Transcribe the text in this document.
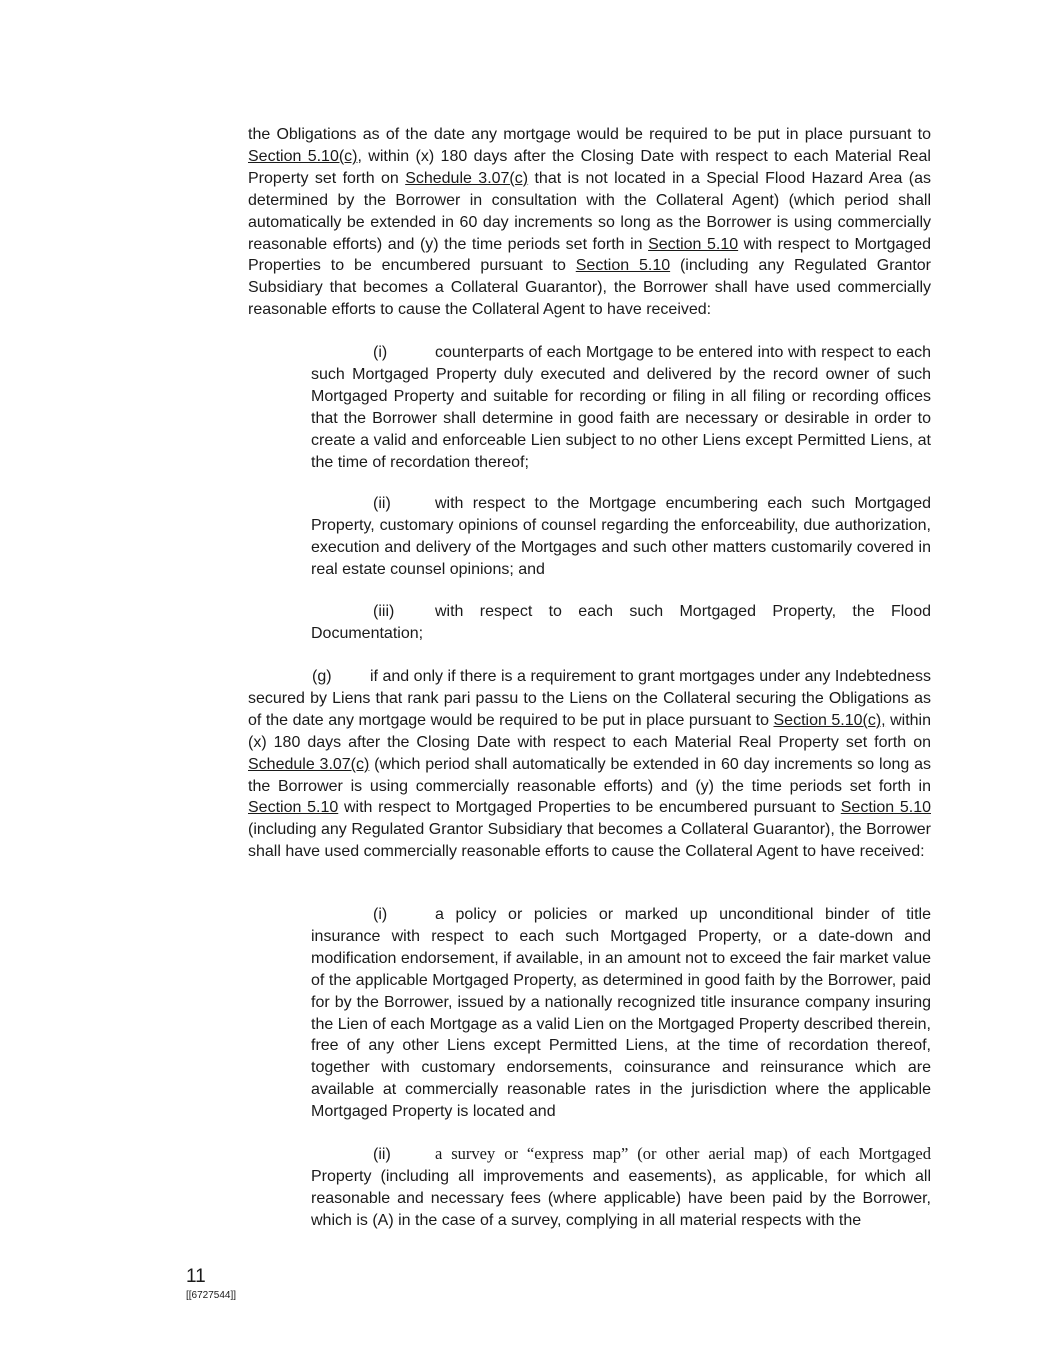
the Obligations as of the date any mortgage would be required to be put in place pursuant to Section 5.10(c), within (x) 180 days after the Closing Date with respect to each Material Real Property set forth on Schedule 3.07(c) that is not located in a Special Flood Hazard Area (as determined by the Borrower in consultation with the Collateral Agent) (which period shall automatically be extended in 60 day increments so long as the Borrower is using commercially reasonable efforts) and (y) the time periods set forth in Section 5.10 with respect to Mortgaged Properties to be encumbered pursuant to Section 5.10 (including any Regulated Grantor Subsidiary that becomes a Collateral Guarantor), the Borrower shall have used commercially reasonable efforts to cause the Collateral Agent to have received:

(i)	counterparts of each Mortgage to be entered into with respect to each such Mortgaged Property duly executed and delivered by the record owner of such Mortgaged Property and suitable for recording or filing in all filing or recording offices that the Borrower shall determine in good faith are necessary or desirable in order to create a valid and enforceable Lien subject to no other Liens except Permitted Liens, at the time of recordation thereof;

(ii)	with respect to the Mortgage encumbering each such Mortgaged Property, customary opinions of counsel regarding the enforceability, due authorization, execution and delivery of the Mortgages and such other matters customarily covered in real estate counsel opinions; and

(iii)	with respect to each such Mortgaged Property, the Flood Documentation;

(g) if and only if there is a requirement to grant mortgages under any Indebtedness secured by Liens that rank pari passu to the Liens on the Collateral securing the Obligations as of the date any mortgage would be required to be put in place pursuant to Section 5.10(c), within (x) 180 days after the Closing Date with respect to each Material Real Property set forth on Schedule 3.07(c) (which period shall automatically be extended in 60 day increments so long as the Borrower is using commercially reasonable efforts) and (y) the time periods set forth in Section 5.10 with respect to Mortgaged Properties to be encumbered pursuant to Section 5.10 (including any Regulated Grantor Subsidiary that becomes a Collateral Guarantor), the Borrower shall have used commercially reasonable efforts to cause the Collateral Agent to have received:

(i)	a policy or policies or marked up unconditional binder of title insurance with respect to each such Mortgaged Property, or a date-down and modification endorsement, if available, in an amount not to exceed the fair market value of the applicable Mortgaged Property, as determined in good faith by the Borrower, paid for by the Borrower, issued by a nationally recognized title insurance company insuring the Lien of each Mortgage as a valid Lien on the Mortgaged Property described therein, free of any other Liens except Permitted Liens, at the time of recordation thereof, together with customary endorsements, coinsurance and reinsurance which are available at commercially reasonable rates in the jurisdiction where the applicable Mortgaged Property is located and

(ii)	a survey or “express map” (or other aerial map) of each Mortgaged Property (including all improvements and easements), as applicable, for which all reasonable and necessary fees (where applicable) have been paid by the Borrower, which is (A) in the case of a survey, complying in all material respects with the

11
[[6727544]]
